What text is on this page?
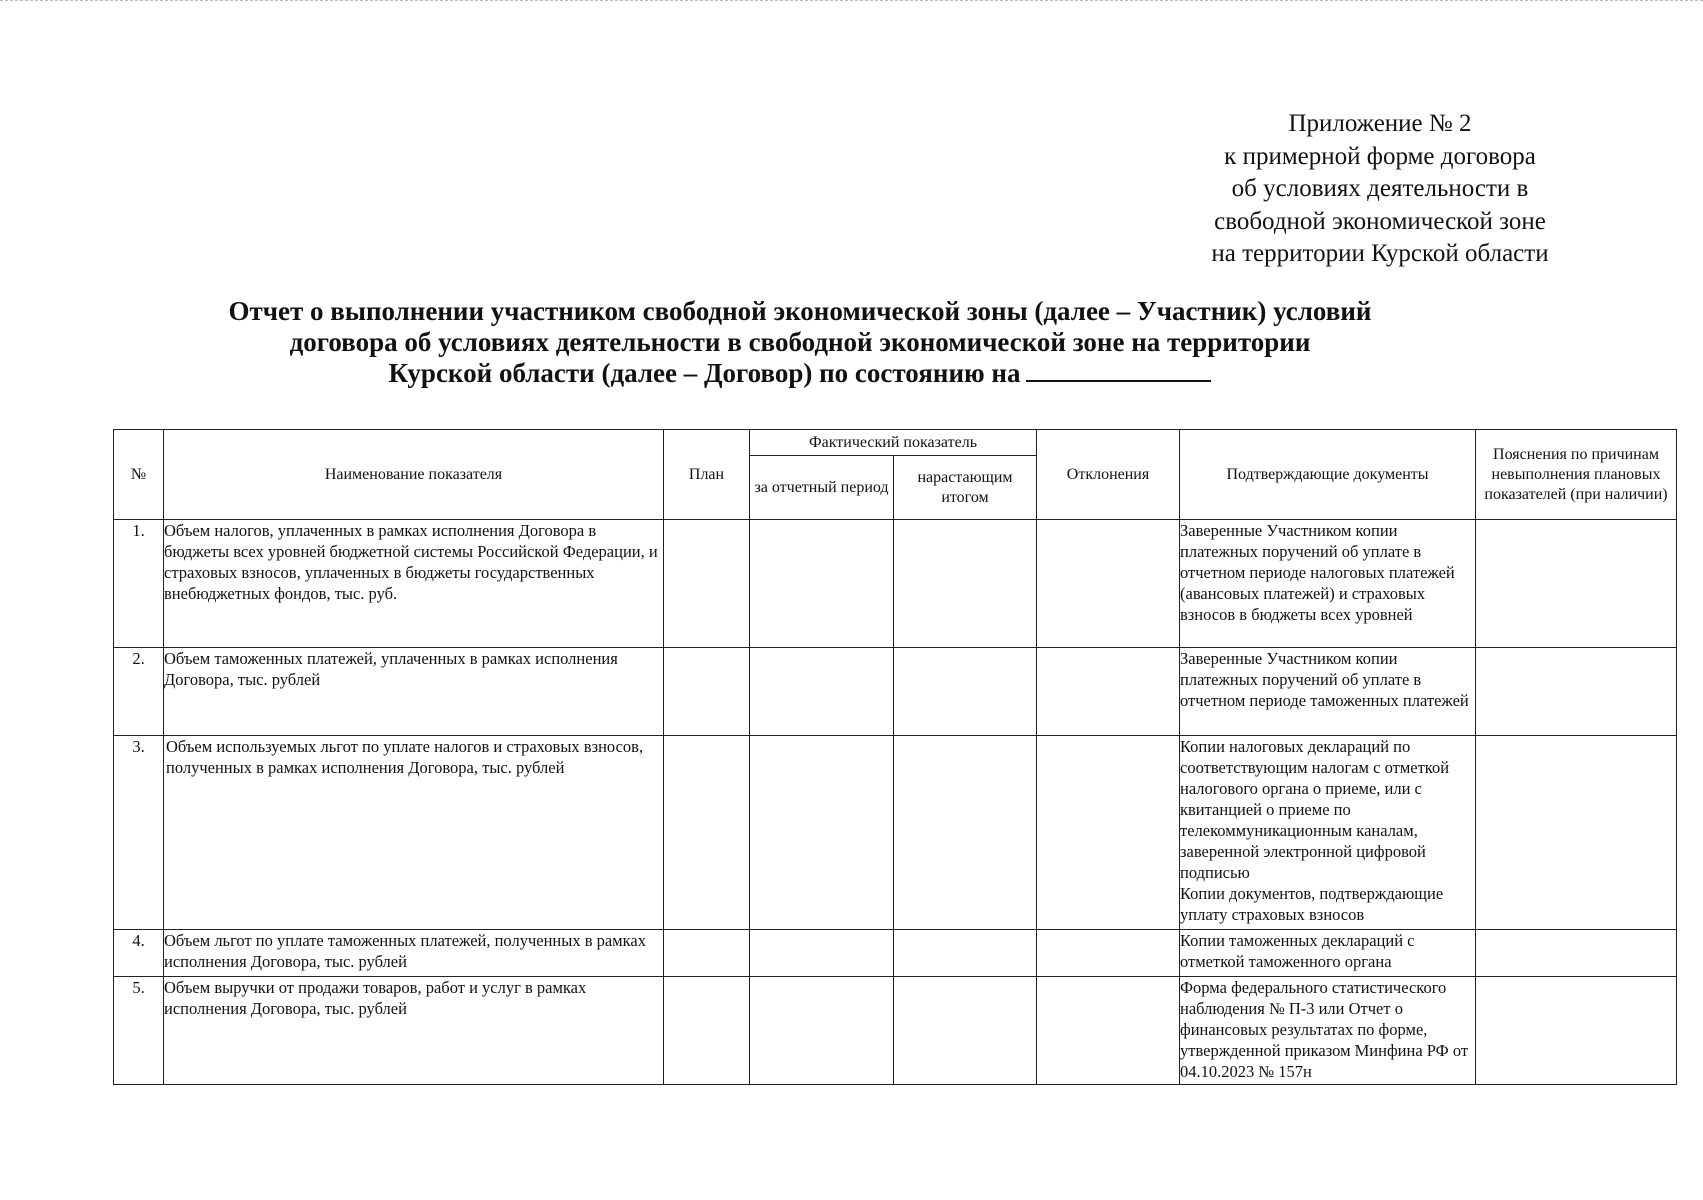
Приложение № 2
к примерной форме договора
об условиях деятельности в
свободной экономической зоне
на территории Курской области
Отчет о выполнении участником свободной экономической зоны (далее – Участник) условий
договора об условиях деятельности в свободной экономической зоне на территории
Курской области (далее – Договор) по состоянию на
№	Наименование показателя	План	Фактический показатель		Отклонения	Подтверждающие документы	Пояснения по причинам невыполнения плановых показателей (при наличии)
			за отчетный период	нарастающим итогом			
1.	Объем налогов, уплаченных в рамках исполнения Договора в бюджеты всех уровней бюджетной системы Российской Федерации, и страховых взносов, уплаченных в бюджеты государственных внебюджетных фондов, тыс. руб.					Заверенные Участником копии платежных поручений об уплате в отчетном периоде налоговых платежей (авансовых платежей) и страховых взносов в бюджеты всех уровней	
2.	Объем таможенных платежей, уплаченных в рамках исполнения Договора, тыс. рублей					Заверенные Участником копии платежных поручений об уплате в отчетном периоде таможенных платежей	
3.	Объем используемых льгот по уплате налогов и страховых взносов, полученных в рамках исполнения Договора, тыс. рублей					Копии налоговых деклараций по соответствующим налогам с отметкой налогового органа о приеме, или с квитанцией о приеме по телекоммуникационным каналам, заверенной электронной цифровой подписью
Копии документов, подтверждающие уплату страховых взносов	

4.	Объем льгот по уплате таможенных платежей, полученных в рамках исполнения Договора, тыс. рублей					Копии таможенных деклараций с отметкой таможенного органа	
5.	Объем выручки от продажи товаров, работ и услуг в рамках исполнения Договора, тыс. рублей					Форма федерального статистического наблюдения № П-3 или Отчет о финансовых результатах по форме, утвержденной приказом Минфина РФ от 04.10.2023 № 157н	
